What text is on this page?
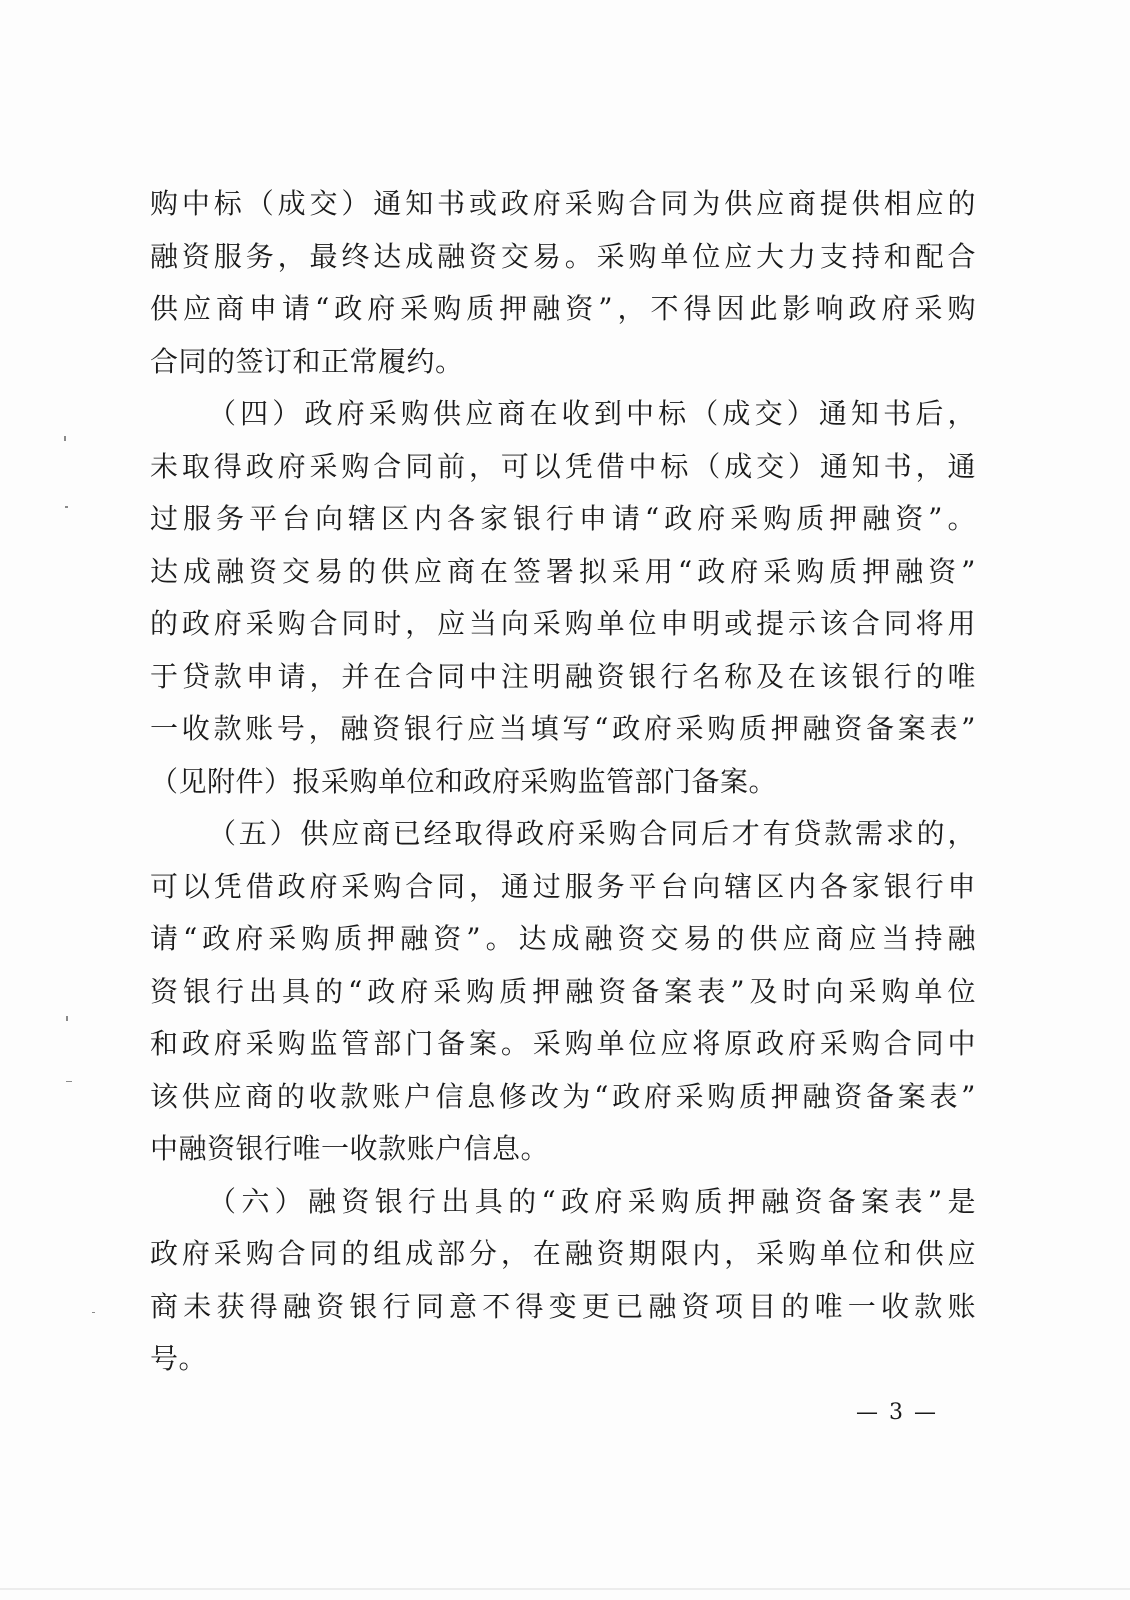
购中标（成交）通知书或政府采购合同为供应商提供相应的
融资服务，最终达成融资交易。采购单位应大力支持和配合
供应商申请“政府采购质押融资”，不得因此影响政府采购
合同的签订和正常履约。
（四）政府采购供应商在收到中标（成交）通知书后，
未取得政府采购合同前，可以凭借中标（成交）通知书，通
过服务平台向辖区内各家银行申请“政府采购质押融资”。
达成融资交易的供应商在签署拟采用“政府采购质押融资”
的政府采购合同时，应当向采购单位申明或提示该合同将用
于贷款申请，并在合同中注明融资银行名称及在该银行的唯
一收款账号，融资银行应当填写“政府采购质押融资备案表”
（见附件）报采购单位和政府采购监管部门备案。
（五）供应商已经取得政府采购合同后才有贷款需求的，
可以凭借政府采购合同，通过服务平台向辖区内各家银行申
请“政府采购质押融资”。达成融资交易的供应商应当持融
资银行出具的“政府采购质押融资备案表”及时向采购单位
和政府采购监管部门备案。采购单位应将原政府采购合同中
该供应商的收款账户信息修改为“政府采购质押融资备案表”
中融资银行唯一收款账户信息。
（六）融资银行出具的“政府采购质押融资备案表”是
政府采购合同的组成部分，在融资期限内，采购单位和供应
商未获得融资银行同意不得变更已融资项目的唯一收款账
号。
— 3 —
